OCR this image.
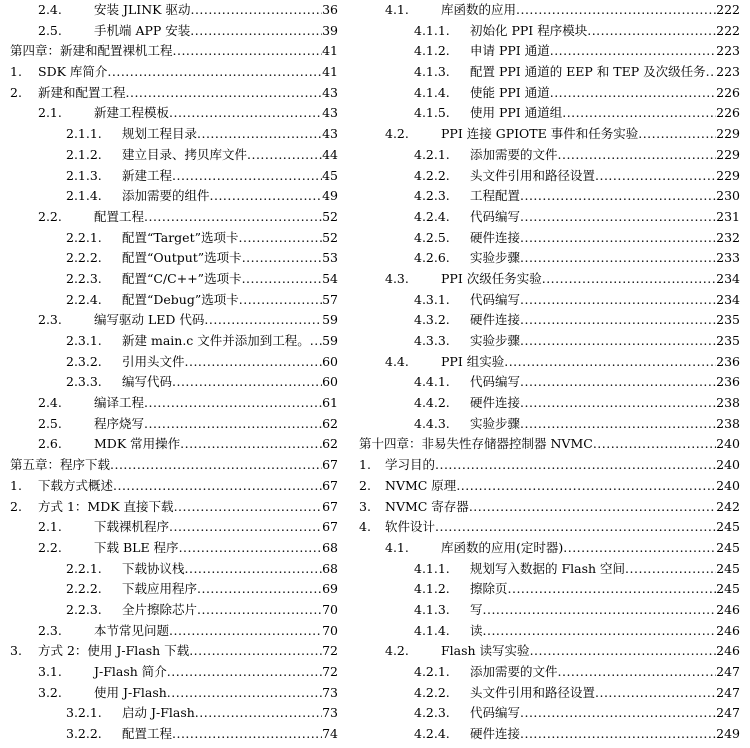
2.4.	安装 JLINK 驱动 .....	36
2.5.	手机端 APP 安装 .....	39
第四章：新建和配置裸机工程 .....	41
1. SDK 库简介 .....	41
2. 新建和配置工程 .....	43
2.1.	新建工程模板 .....	43
2.1.1. 规划工程目录 .....	43
2.1.2. 建立目录、拷贝库文件 .....	44
2.1.3. 新建工程 .....	45
2.1.4. 添加需要的组件 .....	49
2.2.	配置工程 .....	52
2.2.1. 配置“Target”选项卡 .....	52
2.2.2. 配置“Output”选项卡 .....	53
2.2.3. 配置“C/C++”选项卡 .....	54
2.2.4. 配置“Debug”选项卡 .....	57
2.3.	编写驱动 LED 代码 .....	59
2.3.1. 新建 main.c 文件并添加到工程。 ..... 59
2.3.2. 引用头文件 .....	60
2.3.3. 编写代码 .....	60
2.4.	编译工程 .....	61
2.5.	程序烧写 .....	62
2.6.	MDK 常用操作 .....	62
第五章：程序下载 .....	67
1. 下载方式概述 .....	67
2. 方式 1：MDK 直接下载 .....	67
2.1.	下载裸机程序 .....	67
2.2.	下载 BLE 程序 .....	68
2.2.1. 下载协议栈 .....	68
2.2.2. 下载应用程序 .....	69
2.2.3. 全片擦除芯片 .....	70
2.3.	本节常见问题 .....	70
3. 方式 2：使用 J-Flash 下载 .....	72
3.1.	J-Flash 简介 .....	72
3.2.	使用 J-Flash .....	73
3.2.1. 启动 J-Flash .....	73
3.2.2. 配置工程 .....	74
4.1.	库函数的应用 .....	222
4.1.1. 初始化 PPI 程序模块 .....	222
4.1.2. 申请 PPI 通道 .....	223
4.1.3. 配置 PPI 通道的 EEP 和 TEP 及次级任务 ..... 223
4.1.4. 使能 PPI 通道 .....	226
4.1.5. 使用 PPI 通道组 .....	226
4.2.	PPI 连接 GPIOTE 事件和任务实验 .....	229
4.2.1. 添加需要的文件 .....	229
4.2.2. 头文件引用和路径设置 .....	229
4.2.3. 工程配置 .....	230
4.2.4. 代码编写 .....	231
4.2.5. 硬件连接 .....	232
4.2.6. 实验步骤 .....	233
4.3.	PPI 次级任务实验 .....	234
4.3.1. 代码编写 .....	234
4.3.2. 硬件连接 .....	235
4.3.3. 实验步骤 .....	235
4.4.	PPI 组实验 .....	236
4.4.1. 代码编写 .....	236
4.4.2. 硬件连接 .....	238
4.4.3. 实验步骤 .....	238
第十四章：非易失性存储器控制器 NVMC .....	240
1. 学习目的 .....	240
2. NVMC 原理 .....	240
3. NVMC 寄存器 .....	242
4. 软件设计 .....	245
4.1.	库函数的应用(定时器) .....	245
4.1.1. 规划写入数据的 Flash 空间 .....	245
4.1.2. 擦除页 .....	245
4.1.3. 写 .....	246
4.1.4. 读 .....	246
4.2.	Flash 读写实验 .....	246
4.2.1. 添加需要的文件 .....	247
4.2.2. 头文件引用和路径设置 .....	247
4.2.3. 代码编写 .....	247
4.2.4. 硬件连接 .....	249
